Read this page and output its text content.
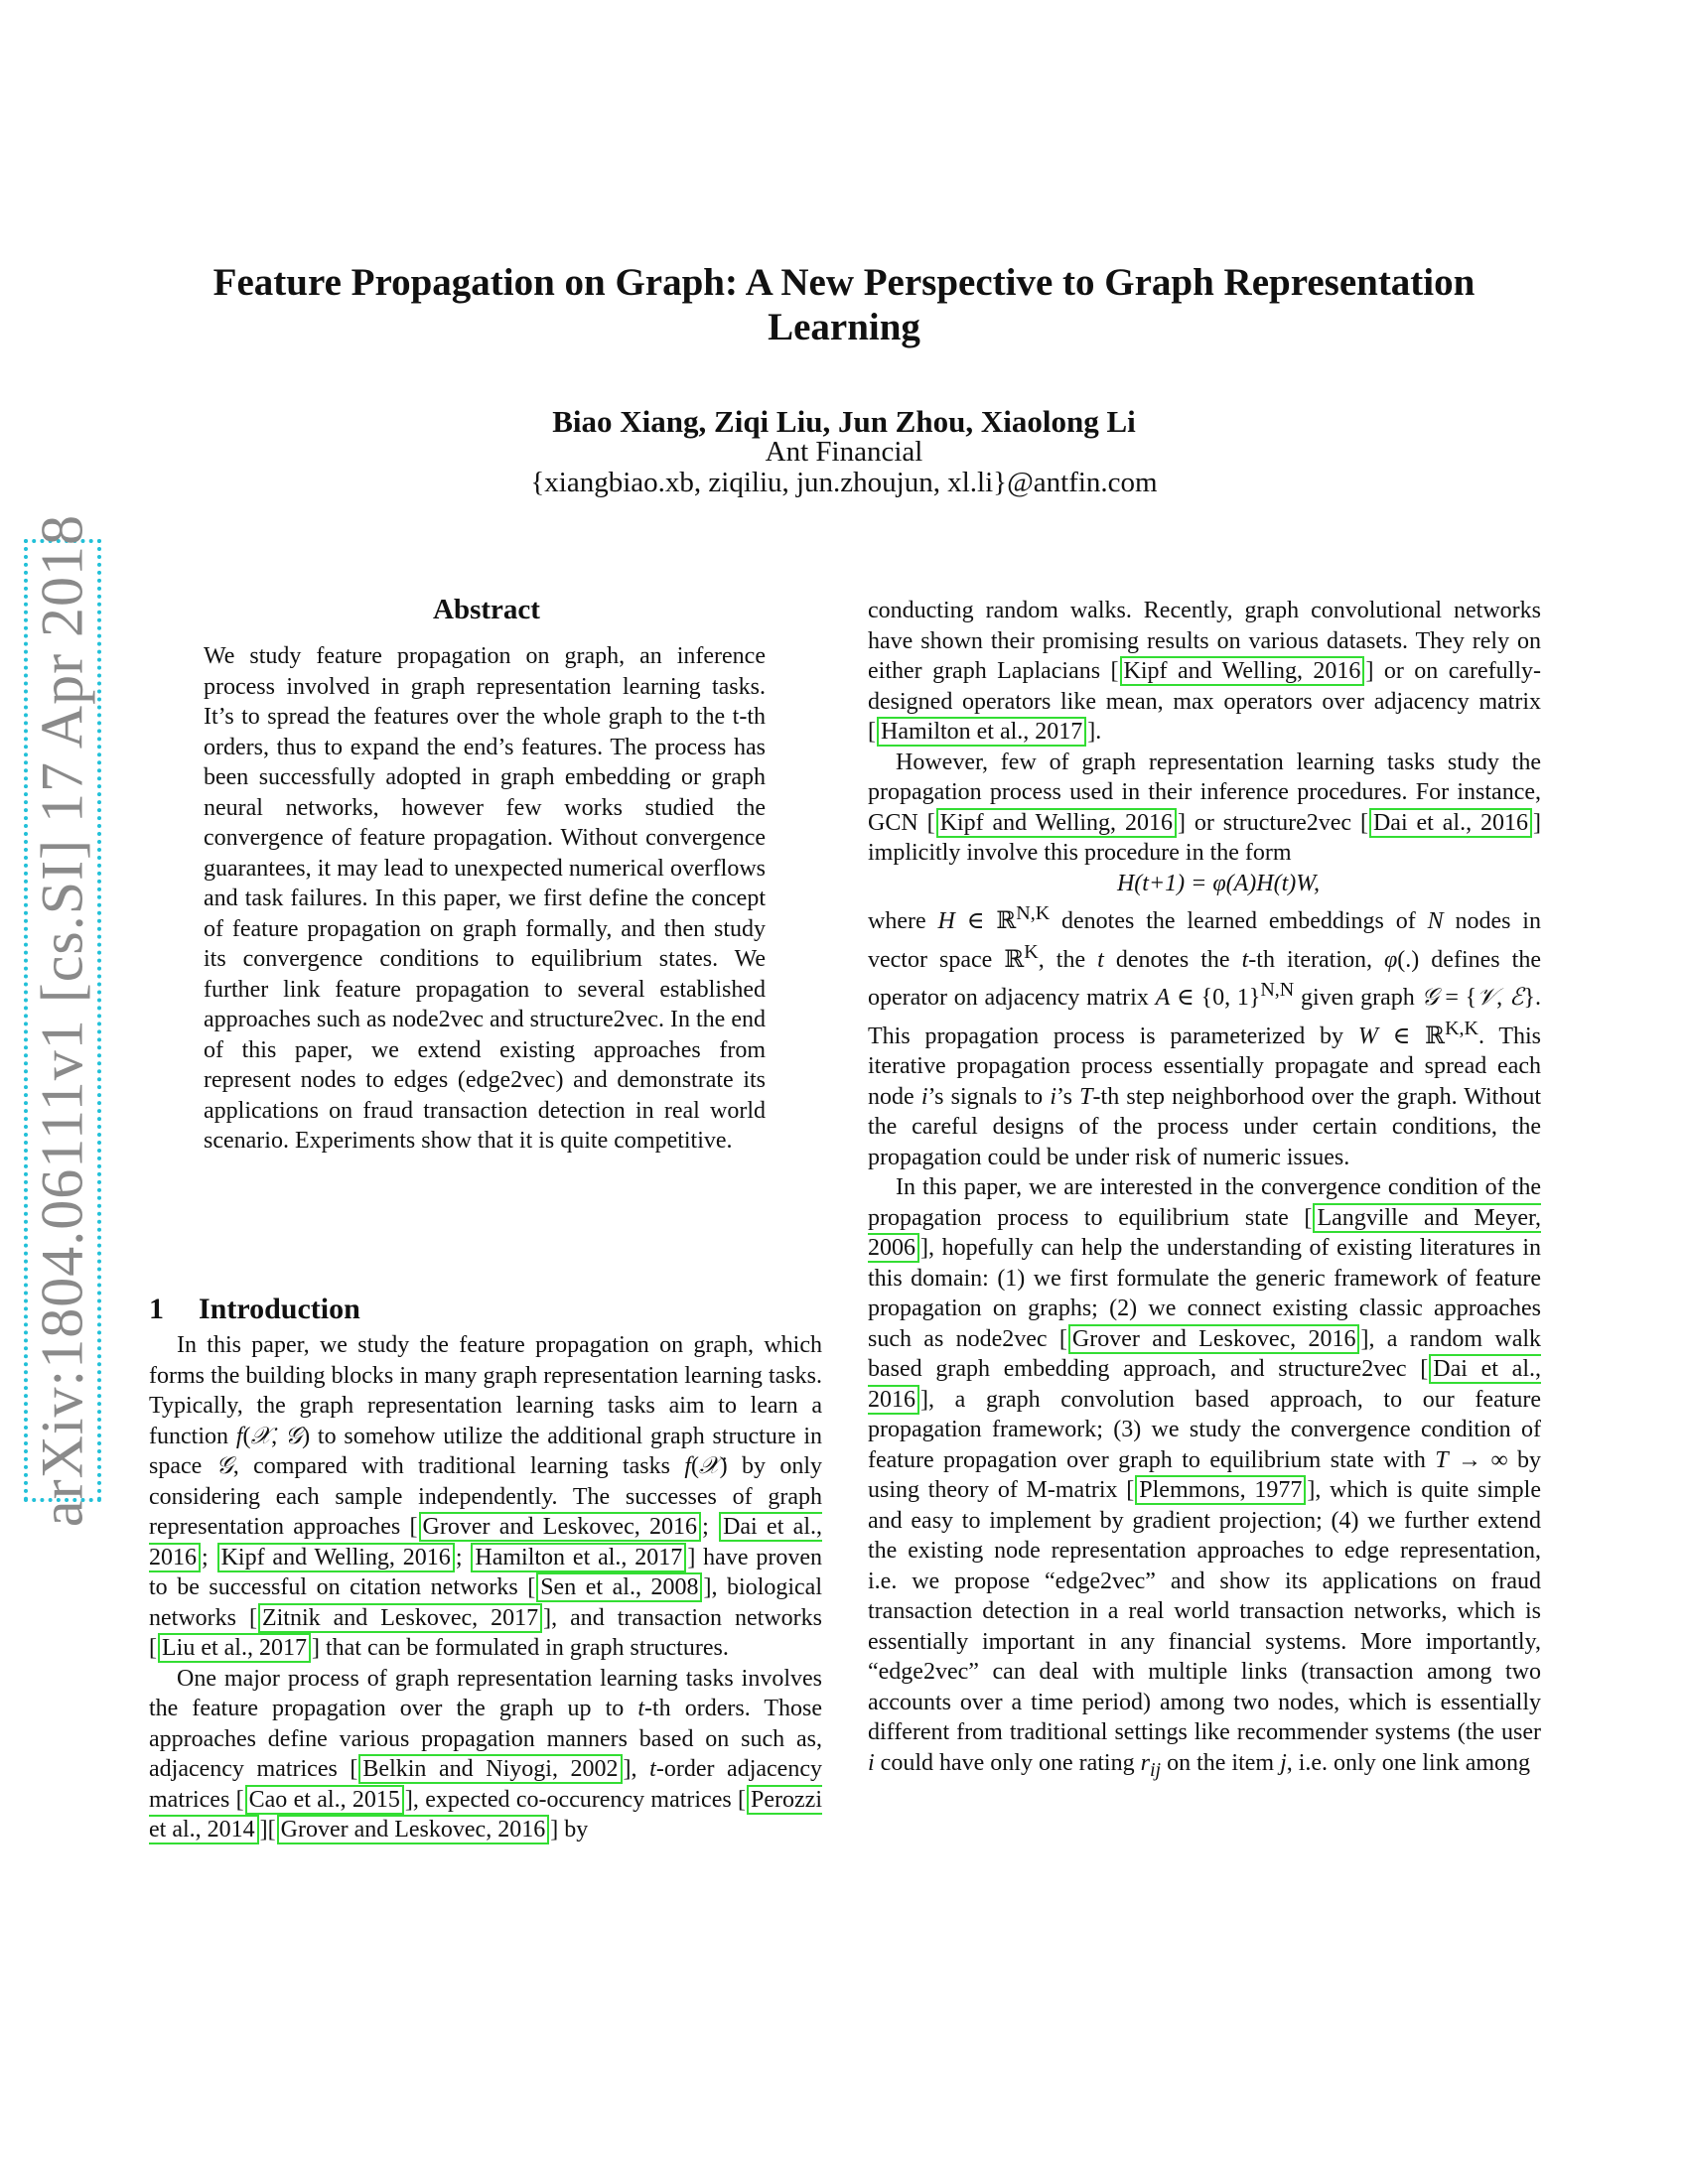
arXiv:1804.06111v1 [cs.SI] 17 Apr 2018
Feature Propagation on Graph: A New Perspective to Graph Representation
Learning
Biao Xiang, Ziqi Liu, Jun Zhou, Xiaolong Li
Ant Financial
{xiangbiao.xb, ziqiliu, jun.zhoujun, xl.li}@antfin.com
Abstract
We study feature propagation on graph, an inference process involved in graph representation learning tasks. It’s to spread the features over the whole graph to the t-th orders, thus to expand the end’s features. The process has been successfully adopted in graph embedding or graph neural networks, however few works studied the convergence of feature propagation. Without convergence guarantees, it may lead to unexpected numerical overflows and task failures. In this paper, we first define the concept of feature propagation on graph formally, and then study its convergence conditions to equilibrium states. We further link feature propagation to several established approaches such as node2vec and structure2vec. In the end of this paper, we extend existing approaches from represent nodes to edges (edge2vec) and demonstrate its applications on fraud transaction detection in real world scenario. Experiments show that it is quite competitive.
1 Introduction

In this paper, we study the feature propagation on graph, which forms the building blocks in many graph representation learning tasks. Typically, the graph representation learning tasks aim to learn a function f(𝒳, 𝒢) to somehow utilize the additional graph structure in space 𝒢, compared with traditional learning tasks f(𝒳) by only considering each sample independently. The successes of graph representation approaches [ Grover and Leskovec, 2016 ; Dai et al., 2016 ; Kipf and Welling, 2016 ; Hamilton et al., 2017 ] have proven to be successful on citation networks [ Sen et al., 2008 ], biological networks [ Zitnik and Leskovec, 2017 ], and transaction networks [ Liu et al., 2017 ] that can be formulated in graph structures.

One major process of graph representation learning tasks involves the feature propagation over the graph up to t-th orders. Those approaches define various propagation manners based on such as, adjacency matrices [ Belkin and Niyogi, 2002 ], t-order adjacency matrices [ Cao et al., 2015 ], expected co-occurency matrices [ Perozzi et al., 2014 ][ Grover and Leskovec, 2016 ] by

conducting random walks. Recently, graph convolutional networks have shown their promising results on various datasets. They rely on either graph Laplacians [ Kipf and Welling, 2016 ] or on carefully-designed operators like mean, max operators over adjacency matrix [ Hamilton et al., 2017 ].

However, few of graph representation learning tasks study the propagation process used in their inference procedures. For instance, GCN [ Kipf and Welling, 2016 ] or structure2vec [ Dai et al., 2016 ] implicitly involve this procedure in the form

H(t+1) = φ(A)H(t)W,

where H ∈ ℝ$^{N,K}$ denotes the learned embeddings of N nodes in vector space ℝ$^K$, the t denotes the t-th iteration, φ(.) defines the operator on adjacency matrix A ∈ {0, 1}$^{N,N}$ given graph 𝒢 = {𝒱, ℰ}. This propagation process is parameterized by W ∈ ℝ$^{K,K}$. This iterative propagation process essentially propagate and spread each node i’s signals to i’s T-th step neighborhood over the graph. Without the careful designs of the process under certain conditions, the propagation could be under risk of numeric issues.

In this paper, we are interested in the convergence condition of the propagation process to equilibrium state [ Langville and Meyer, 2006 ], hopefully can help the understanding of existing literatures in this domain: (1) we first formulate the generic framework of feature propagation on graphs; (2) we connect existing classic approaches such as node2vec [ Grover and Leskovec, 2016 ], a random walk based graph embedding approach, and structure2vec [ Dai et al., 2016 ], a graph convolution based approach, to our feature propagation framework; (3) we study the convergence condition of feature propagation over graph to equilibrium state with T → ∞ by using theory of M-matrix [ Plemmons, 1977 ], which is quite simple and easy to implement by gradient projection; (4) we further extend the existing node representation approaches to edge representation, i.e. we propose “edge2vec” and show its applications on fraud transaction detection in a real world transaction networks, which is essentially important in any financial systems. More importantly, “edge2vec” can deal with multiple links (transaction among two accounts over a time period) among two nodes, which is essentially different from traditional settings like recommender systems (the user i could have only one rating $r_{ij}$ on the item j, i.e. only one link among
